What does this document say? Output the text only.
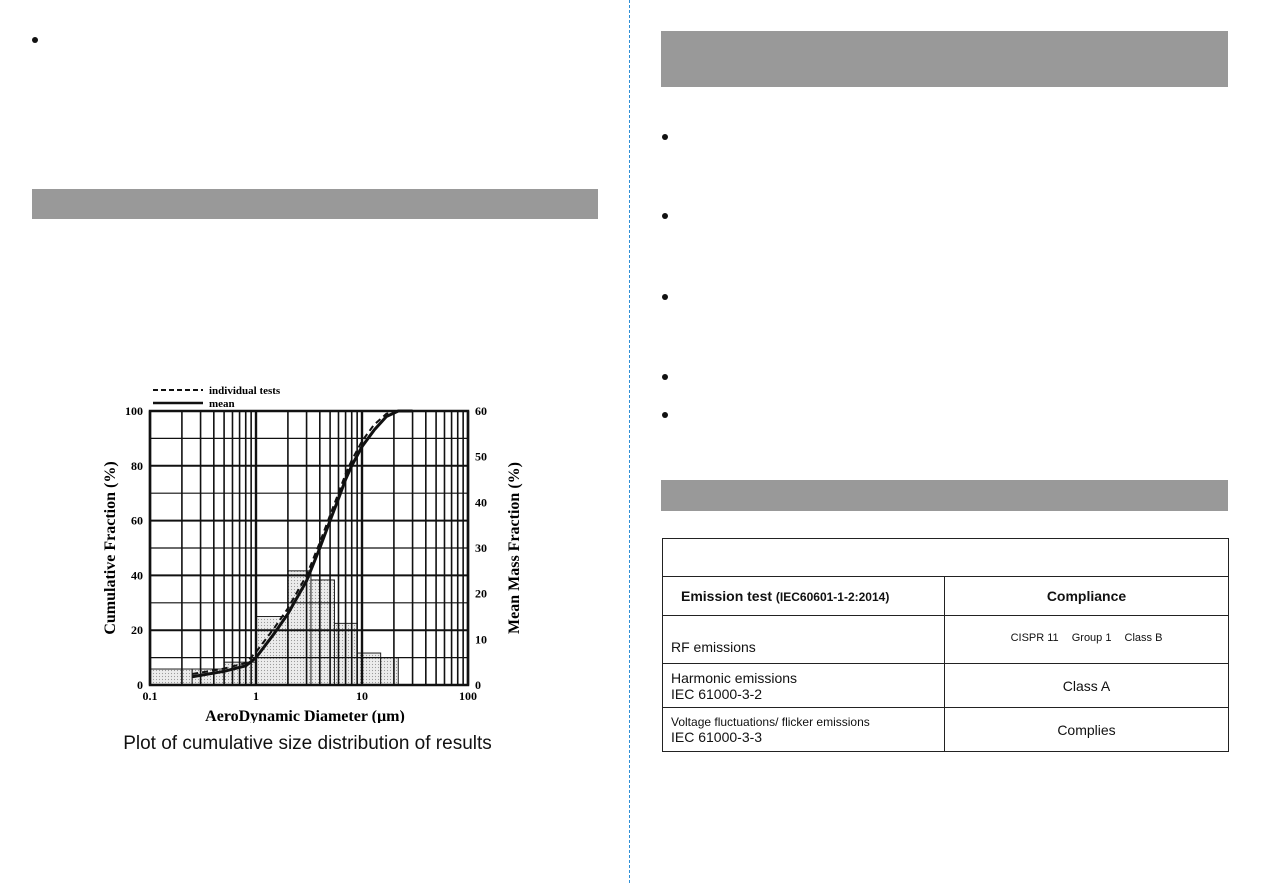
0.1	1	10	100
0
20
40
60
80
100
0
10
20
30
40
50
60
individual tests
mean
AeroDynamic Diameter (µm)
Cumulative Fraction (%)	Mean Mass Fraction (%)
Plot of cumulative size distribution of results

Emission test (IEC60601-1-2:2014)	Compliance

RF emissions	CISPR 11 Group 1 Class B

Harmonic emissions
IEC 61000-3-2	Class A

Voltage fluctuations/ flicker emissions
IEC 61000-3-3	Complies
